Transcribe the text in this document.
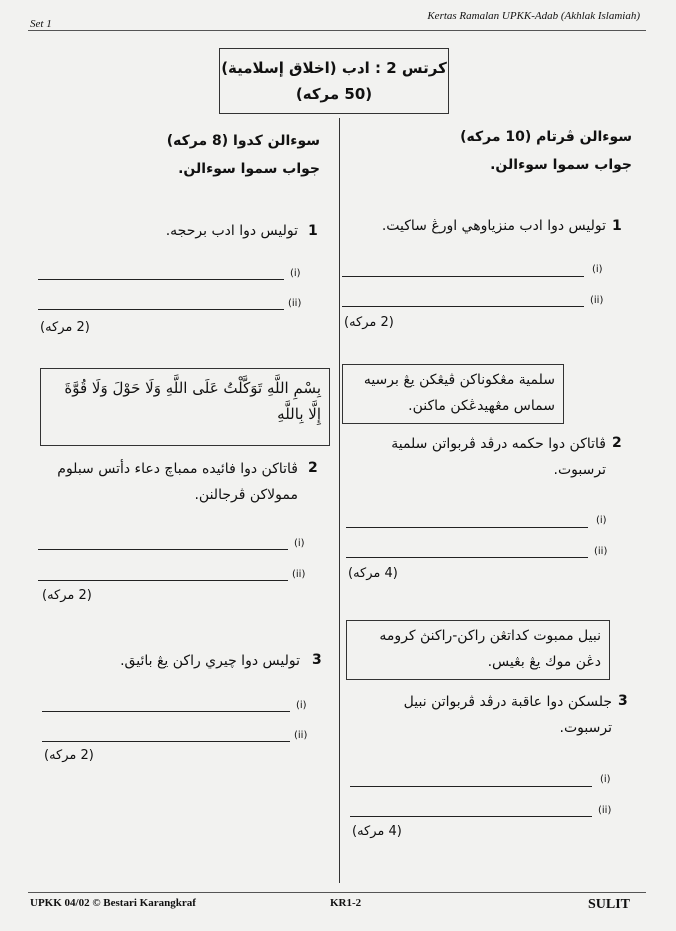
Set 1
Kertas Ramalan UPKK-Adab (Akhlak Islamiah)
كرتس 2 : ادب (اخلاق إسلامية)
(50 مركه)
سوءالن ڤرتام (10 مركه)
جواب سموا سوءالن.
1
توليس دوا ادب منزياوهي اورڠ ساكيت.
(i)
(ii)
(2 مركه)
سلمية مڠكوناكن ڤيڠكن يڠ برسيه سماس مڠهيدڠكن ماكنن.
2
ڤاتاكن دوا حكمه درڤد ڤربواتن سلمية ترسبوت.
(i)
(ii)
(4 مركه)
نبيل ممبوت كداتڠن راكن-راكنڽ كرومه دڠن موك يڠ بڠيس.
3
جلسكن دوا عاقبة درڤد ڤربواتن نبيل ترسبوت.
(i)
(ii)
(4 مركه)
سوءالن كدوا (8 مركه)
جواب سموا سوءالن.
1
توليس دوا ادب برحجه.
(i)
(ii)
(2 مركه)
بِسْمِ اللَّهِ تَوَكَّلْتُ عَلَى اللَّهِ وَلَا حَوْلَ وَلَا قُوَّةَ إِلَّا بِاللَّهِ
2
ڤاتاكن دوا فائيده ممباچ دعاء دأتس سبلوم ممولاكن ڤرجالنن.
(i)
(ii)
(2 مركه)
3
توليس دوا چيري راكن يڠ بائيق.
(i)
(ii)
(2 مركه)
UPKK 04/02 © Bestari Karangkraf	KR1-2	SULIT
